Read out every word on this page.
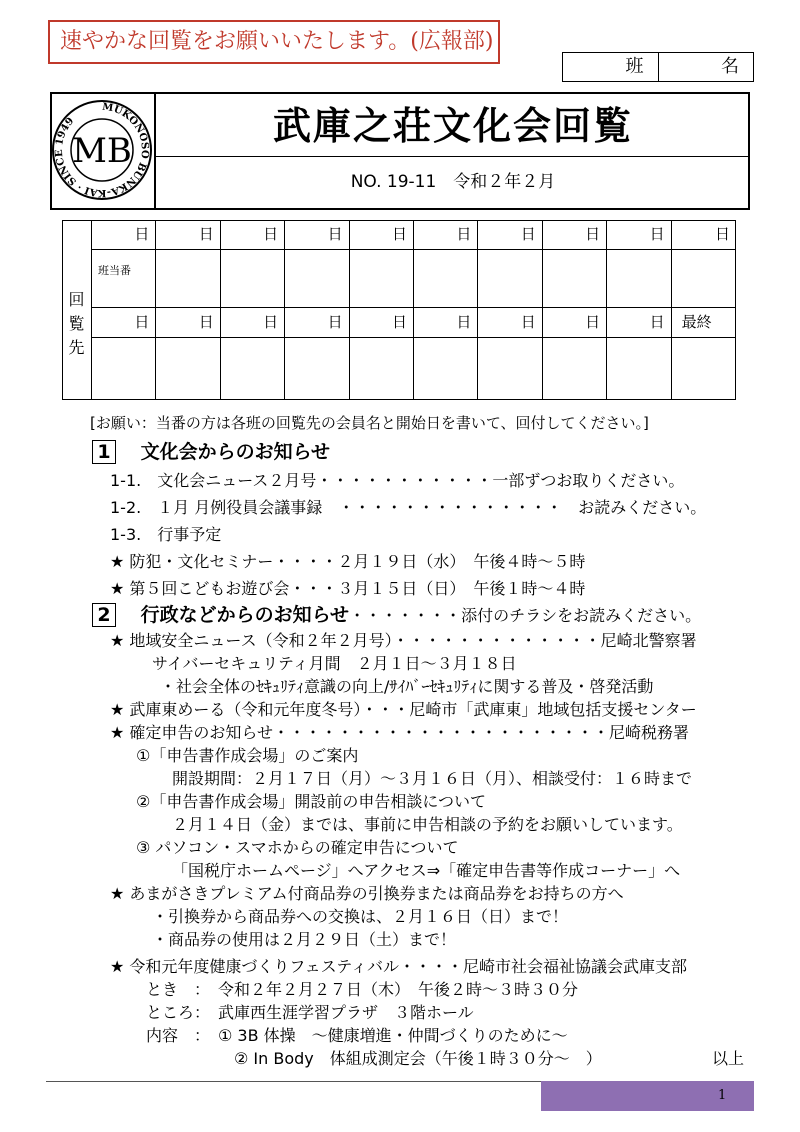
速やかな回覧をお願いいたします。(広報部)
班	名
MUKONOSO BUNKA-KAI · SINCE 1949
MB
武庫之荘文化会回覧
NO. 19-11　令和２年２月
回
覧
先
日	日	日	日	日	日	日	日	日	日
班当番
日	日	日	日	日	日	日	日	日	最終
[お願い：当番の方は各班の回覧先の会員名と開始日を書いて、回付してください。]
1 文化会からのお知らせ
1-1.　文化会ニュース２月号・・・・・・・・・・・一部ずつお取りください。
1-2.　１月 月例役員会議事録　・・・・・・・・・・・・・・　お読みください。
1-3.　行事予定
★ 防犯・文化セミナー・・・・２月１９日（水）　午後４時～５時
★ 第５回こどもお遊び会・・・３月１５日（日）　午後１時～４時
2 行政などからのお知らせ・・・・・・・添付のチラシをお読みください。
★ 地域安全ニュース（令和２年２月号）・・・・・・・・・・・・・尼崎北警察署
サイバーセキュリティ月間　２月１日～３月１８日
・社会全体のｾｷｭﾘﾃｨ意識の向上/ｻｲﾊﾞｰｾｷｭﾘﾃｨに関する普及・啓発活動
★ 武庫東めーる（令和元年度冬号）・・・尼崎市「武庫東」地域包括支援センター
★ 確定申告のお知らせ・・・・・・・・・・・・・・・・・・・・・尼崎税務署
①「申告書作成会場」のご案内
開設期間：２月１７日（月）～３月１６日（月）、相談受付：１６時まで
②「申告書作成会場」開設前の申告相談について
２月１４日（金）までは、事前に申告相談の予約をお願いしています。
③ パソコン・スマホからの確定申告について
「国税庁ホームページ」へアクセス⇒「確定申告書等作成コーナー」へ
★ あまがさきプレミアム付商品券の引換券または商品券をお持ちの方へ
・引換券から商品券への交換は、２月１６日（日）まで！
・商品券の使用は２月２９日（土）まで！
★ 令和元年度健康づくりフェスティバル・・・・尼崎市社会福祉協議会武庫支部
とき　：　令和２年２月２７日（木）　午後２時～３時３０分
ところ：　武庫西生涯学習プラザ　３階ホール
内容　：　① 3B 体操　～健康増進・仲間づくりのために～
② In Body　体組成測定会（午後１時３０分～　）	以上
1
